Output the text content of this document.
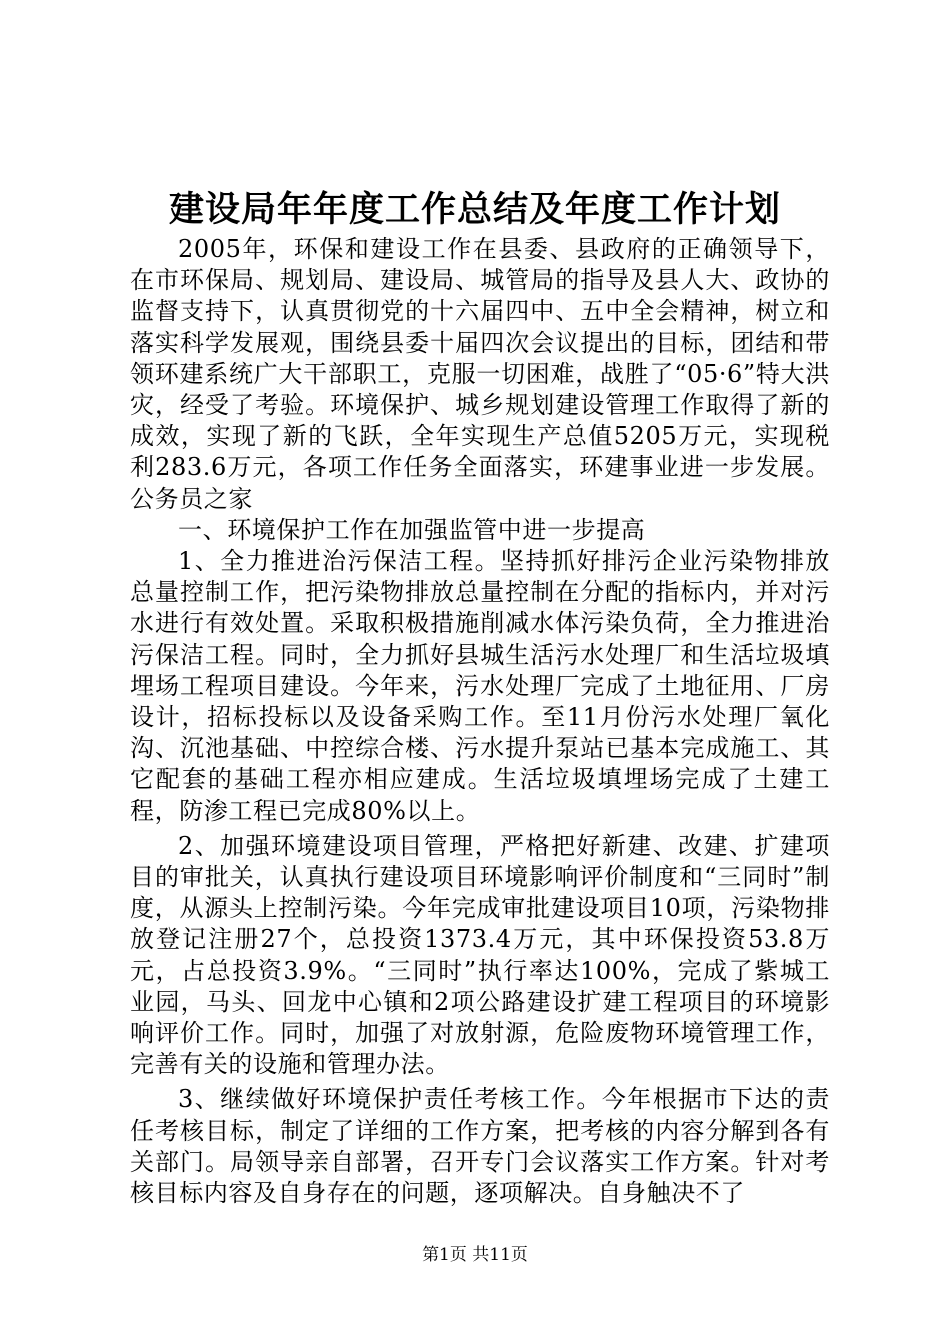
建设局年年度工作总结及年度工作计划

2005年，环保和建设工作在县委、县政府的正确领导下，在市环保局、规划局、建设局、城管局的指导及县人大、政协的监督支持下，认真贯彻党的十六届四中、五中全会精神，树立和落实科学发展观，围绕县委十届四次会议提出的目标，团结和带领环建系统广大干部职工，克服一切困难，战胜了“05·6”特大洪灾，经受了考验。环境保护、城乡规划建设管理工作取得了新的成效，实现了新的飞跃，全年实现生产总值5205万元，实现税利283.6万元，各项工作任务全面落实，环建事业进一步发展。公务员之家

一、环境保护工作在加强监管中进一步提高

1、全力推进治污保洁工程。坚持抓好排污企业污染物排放总量控制工作，把污染物排放总量控制在分配的指标内，并对污水进行有效处置。采取积极措施削减水体污染负荷，全力推进治污保洁工程。同时，全力抓好县城生活污水处理厂和生活垃圾填埋场工程项目建设。今年来，污水处理厂完成了土地征用、厂房设计，招标投标以及设备采购工作。至11月份污水处理厂氧化沟、沉池基础、中控综合楼、污水提升泵站已基本完成施工、其它配套的基础工程亦相应建成。生活垃圾填埋场完成了土建工程，防渗工程已完成80%以上。

2、加强环境建设项目管理，严格把好新建、改建、扩建项目的审批关，认真执行建设项目环境影响评价制度和“三同时”制度，从源头上控制污染。今年完成审批建设项目10项，污染物排放登记注册27个，总投资1373.4万元，其中环保投资53.8万元，占总投资3.9%。“三同时”执行率达100%，完成了紫城工业园，马头、回龙中心镇和2项公路建设扩建工程项目的环境影响评价工作。同时，加强了对放射源，危险废物环境管理工作，完善有关的设施和管理办法。

3、继续做好环境保护责任考核工作。今年根据市下达的责任考核目标，制定了详细的工作方案，把考核的内容分解到各有关部门。局领导亲自部署，召开专门会议落实工作方案。针对考核目标内容及自身存在的问题，逐项解决。自身触决不了

第1页 共11页
